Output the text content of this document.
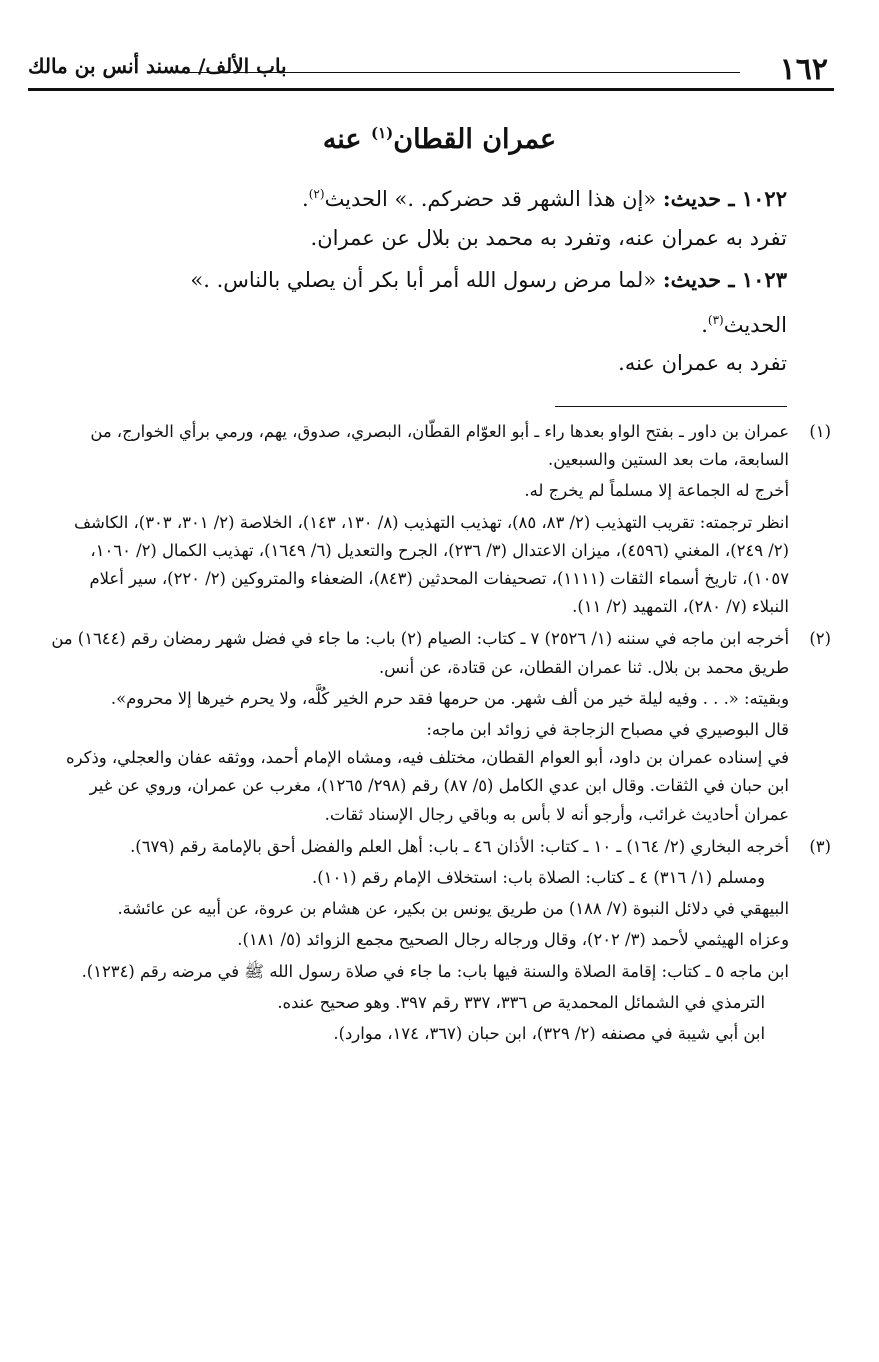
١٦٢
باب الألف/ مسند أنس بن مالك
عمران القطان$^{(١)}$ عنه
١٠٢٢ ـ حديث: «إن هذا الشهر قد حضركم. .» الحديث$^{(٢)}$.
تفرد به عمران عنه، وتفرد به محمد بن بلال عن عمران.
١٠٢٣ ـ حديث: «لما مرض رسول الله أمر أبا بكر أن يصلي بالناس. .»
الحديث$^{(٣)}$.
تفرد به عمران عنه.
(١)

عمران بن داور ـ بفتح الواو بعدها راء ـ أبو العوّام القطّان، البصري، صدوق، يهم، ورمي برأي الخوارج، من السابعة، مات بعد الستين والسبعين.

أخرج له الجماعة إلا مسلماً لم يخرج له.

انظر ترجمته: تقريب التهذيب (٢/ ٨٣، ٨٥)، تهذيب التهذيب (٨/ ١٣٠، ١٤٣)، الخلاصة (٢/ ٣٠١، ٣٠٣)، الكاشف (٢/ ٢٤٩)، المغني (٤٥٩٦)، ميزان الاعتدال (٣/ ٢٣٦)، الجرح والتعديل (٦/ ١٦٤٩)، تهذيب الكمال (٢/ ١٠٦٠، ١٠٥٧)، تاريخ أسماء الثقات (١١١١)، تصحيفات المحدثين (٨٤٣)، الضعفاء والمتروكين (٢/ ٢٢٠)، سير أعلام النبلاء (٧/ ٢٨٠)، التمهيد (٢/ ١١).

(٢)

أخرجه ابن ماجه في سننه (١/ ٢٥٢٦) ٧ ـ كتاب: الصيام (٢) باب: ما جاء في فضل شهر رمضان رقم (١٦٤٤) من طريق محمد بن بلال. ثنا عمران القطان، عن قتادة، عن أنس.

وبقيته: «. . . وفيه ليلة خير من ألف شهر. من حرمها فقد حرم الخير كُلَّه، ولا يحرم خيرها إلا محروم».

قال البوصيري في مصباح الزجاجة في زوائد ابن ماجه:

في إسناده عمران بن داود، أبو العوام القطان، مختلف فيه، ومشاه الإمام أحمد، ووثقه عفان والعجلي، وذكره ابن حبان في الثقات. وقال ابن عدي الكامل (٥/ ٨٧) رقم (٢٩٨/ ١٢٦٥)، مغرب عن عمران، وروي عن غير عمران أحاديث غرائب، وأرجو أنه لا بأس به وباقي رجال الإسناد ثقات.

(٣)

أخرجه البخاري (٢/ ١٦٤) ـ ١٠ ـ كتاب: الأذان ٤٦ ـ باب: أهل العلم والفضل أحق بالإمامة رقم (٦٧٩).

ومسلم (١/ ٣١٦) ٤ ـ كتاب: الصلاة باب: استخلاف الإمام رقم (١٠١).

البيهقي في دلائل النبوة (٧/ ١٨٨) من طريق يونس بن بكير، عن هشام بن عروة، عن أبيه عن عائشة.

وعزاه الهيثمي لأحمد (٣/ ٢٠٢)، وقال ورجاله رجال الصحيح مجمع الزوائد (٥/ ١٨١).

ابن ماجه ٥ ـ كتاب: إقامة الصلاة والسنة فيها باب: ما جاء في صلاة رسول الله ﷺ في مرضه رقم (١٢٣٤).

الترمذي في الشمائل المحمدية ص ٣٣٦، ٣٣٧ رقم ٣٩٧. وهو صحيح عنده.

ابن أبي شيبة في مصنفه (٢/ ٣٢٩)، ابن حبان (٣٦٧، ١٧٤، موارد).
